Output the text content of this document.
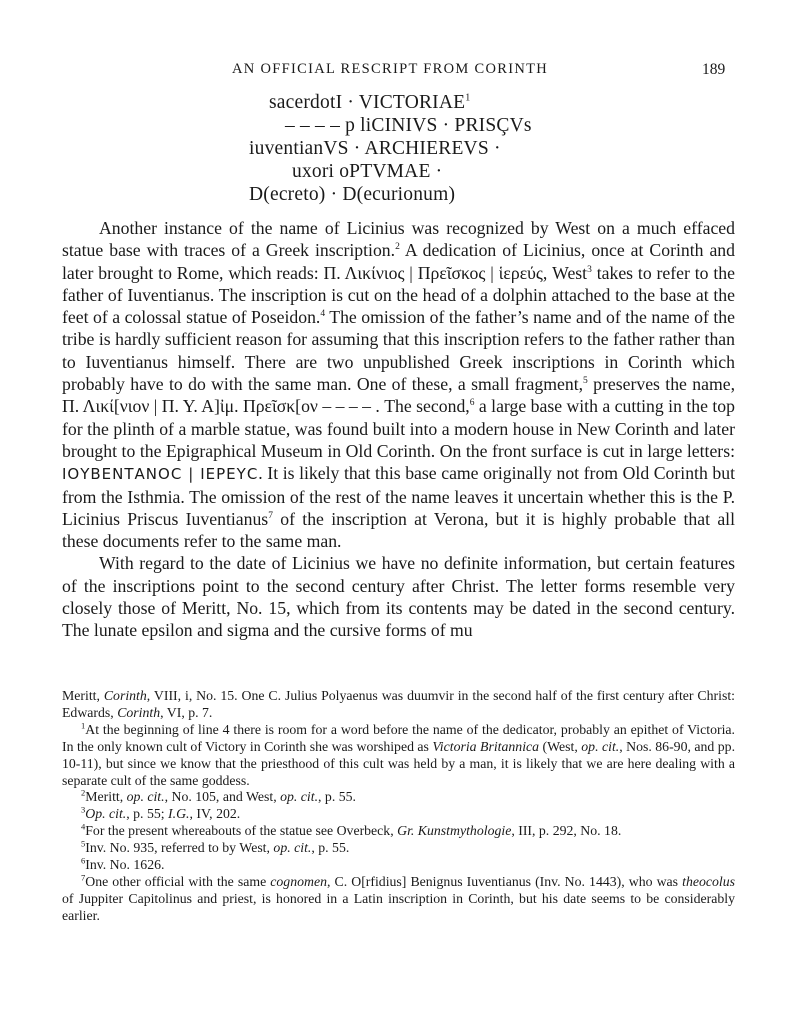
AN OFFICIAL RESCRIPT FROM CORINTH	189
sacerdotI · $VICTORIAE^1$
– – – – p liCINIVS · PRISÇVs
iuventianVS · ARCHIEREVS ·
uxori oPTVMAE ·
D(ecreto) · D(ecurionum)

Another instance of the name of Licinius was recognized by West on a much effaced statue base with traces of a Greek inscription.$^2$ A dedication of Licinius, once at Corinth and later brought to Rome, which reads: Π. Λικίνιος | Πρεῖσκος | ἱερεύς, West$^3$ takes to refer to the father of Iuventianus. The inscription is cut on the head of a dolphin attached to the base at the feet of a colossal statue of Poseidon.$^4$ The omission of the father’s name and of the name of the tribe is hardly sufficient reason for assuming that this inscription refers to the father rather than to Iuventianus himself. There are two unpublished Greek inscriptions in Corinth which probably have to do with the same man. One of these, a small fragment,$^5$ preserves the name, Π. Λικί[νιον | Π. Υ. Α]ἰμ. Πρεῖσκ[ον – – – – . The second,$^6$ a large base with a cutting in the top for the plinth of a marble statue, was found built into a modern house in New Corinth and later brought to the Epigraphical Museum in Old Corinth. On the front surface is cut in large letters: ΙΟΥΒΕΝΤΑΝΟϹ | ΙΕΡΕΥϹ. It is likely that this base came originally not from Old Corinth but from the Isthmia. The omission of the rest of the name leaves it uncertain whether this is the P. Licinius Priscus Iuventianus$^7$ of the inscription at Verona, but it is highly probable that all these documents refer to the same man.

With regard to the date of Licinius we have no definite information, but certain features of the inscriptions point to the second century after Christ. The letter forms resemble very closely those of Meritt, No. 15, which from its contents may be dated in the second century. The lunate epsilon and sigma and the cursive forms of mu

Meritt, Corinth, VIII, i, No. 15. One C. Julius Polyaenus was duumvir in the second half of the first century after Christ: Edwards, Corinth, VI, p. 7.

$^1$At the beginning of line 4 there is room for a word before the name of the dedicator, probably an epithet of Victoria. In the only known cult of Victory in Corinth she was worshiped as Victoria Britannica (West, op. cit., Nos. 86-90, and pp. 10-11), but since we know that the priesthood of this cult was held by a man, it is likely that we are here dealing with a separate cult of the same goddess.

$^2$Meritt, op. cit., No. 105, and West, op. cit., p. 55.

$^3$Op. cit., p. 55; I.G., IV, 202.

$^4$For the present whereabouts of the statue see Overbeck, Gr. Kunstmythologie, III, p. 292, No. 18.

$^5$Inv. No. 935, referred to by West, op. cit., p. 55.

$^6$Inv. No. 1626.

$^7$One other official with the same cognomen, C. O[rfidius] Benignus Iuventianus (Inv. No. 1443), who was theocolus of Juppiter Capitolinus and priest, is honored in a Latin inscription in Corinth, but his date seems to be considerably earlier.
